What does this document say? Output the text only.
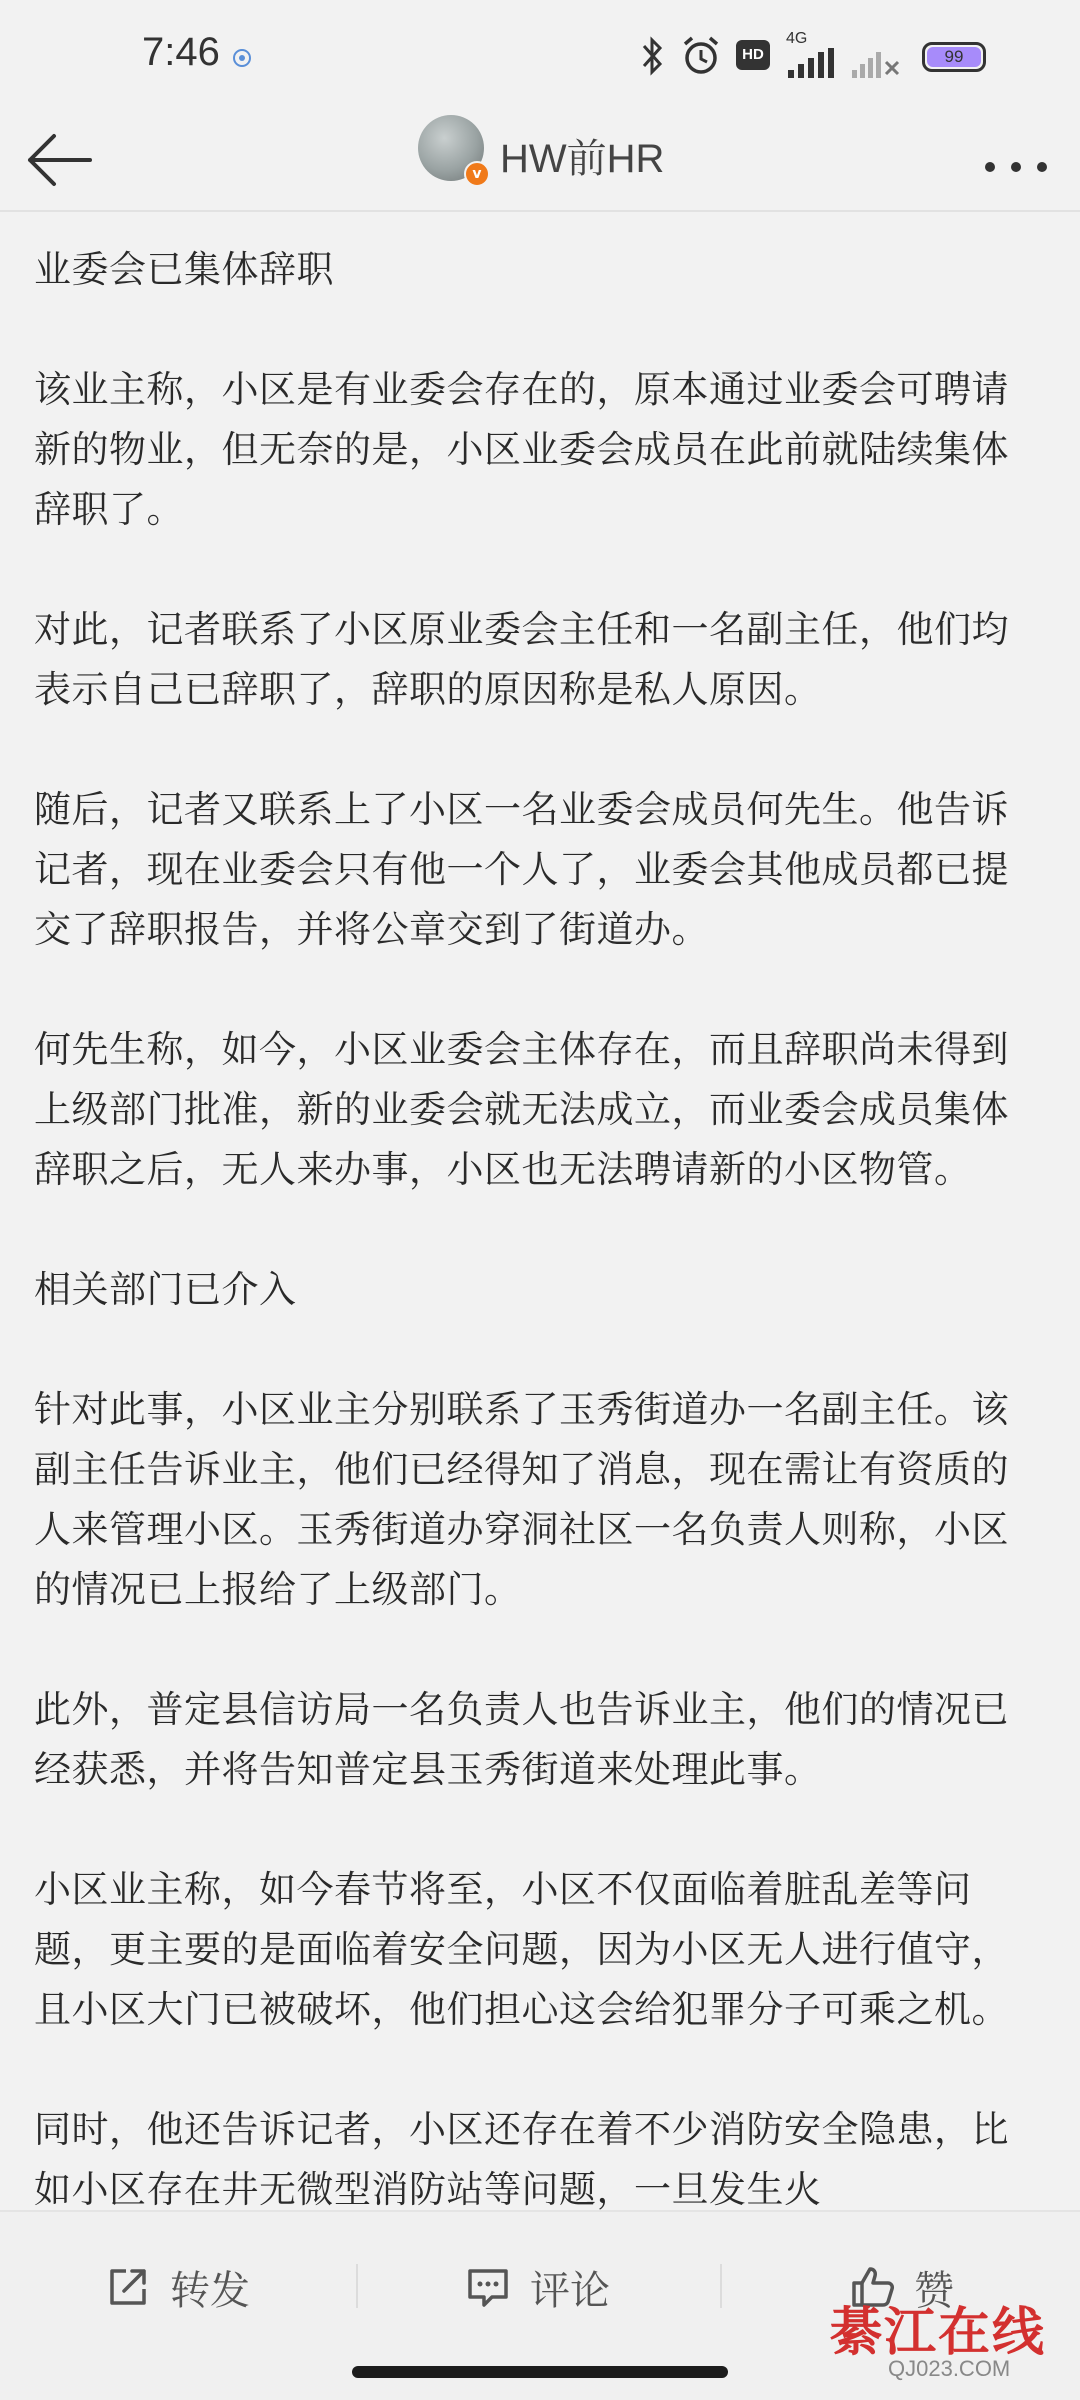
7:46	HD
4G
99
v HW前HR

业委会已集体辞职

该业主称，小区是有业委会存在的，原本通过业委会可聘请新的物业，但无奈的是，小区业委会成员在此前就陆续集体辞职了。

对此，记者联系了小区原业委会主任和一名副主任，他们均表示自己已辞职了，辞职的原因称是私人原因。

随后，记者又联系上了小区一名业委会成员何先生。他告诉记者，现在业委会只有他一个人了，业委会其他成员都已提交了辞职报告，并将公章交到了街道办。

何先生称，如今，小区业委会主体存在，而且辞职尚未得到上级部门批准，新的业委会就无法成立，而业委会成员集体辞职之后，无人来办事，小区也无法聘请新的小区物管。

相关部门已介入

针对此事，小区业主分别联系了玉秀街道办一名副主任。该副主任告诉业主，他们已经得知了消息，现在需让有资质的人来管理小区。玉秀街道办穿洞社区一名负责人则称，小区的情况已上报给了上级部门。

此外，普定县信访局一名负责人也告诉业主，他们的情况已经获悉，并将告知普定县玉秀街道来处理此事。

小区业主称，如今春节将至，小区不仅面临着脏乱差等问题，更主要的是面临着安全问题，因为小区无人进行值守，且小区大门已被破坏，他们担心这会给犯罪分子可乘之机。

同时，他还告诉记者，小区还存在着不少消防安全隐患，比如小区存在井无微型消防站等问题，一旦发生火

转发	评论	赞
綦江在线
QJ023.COM
